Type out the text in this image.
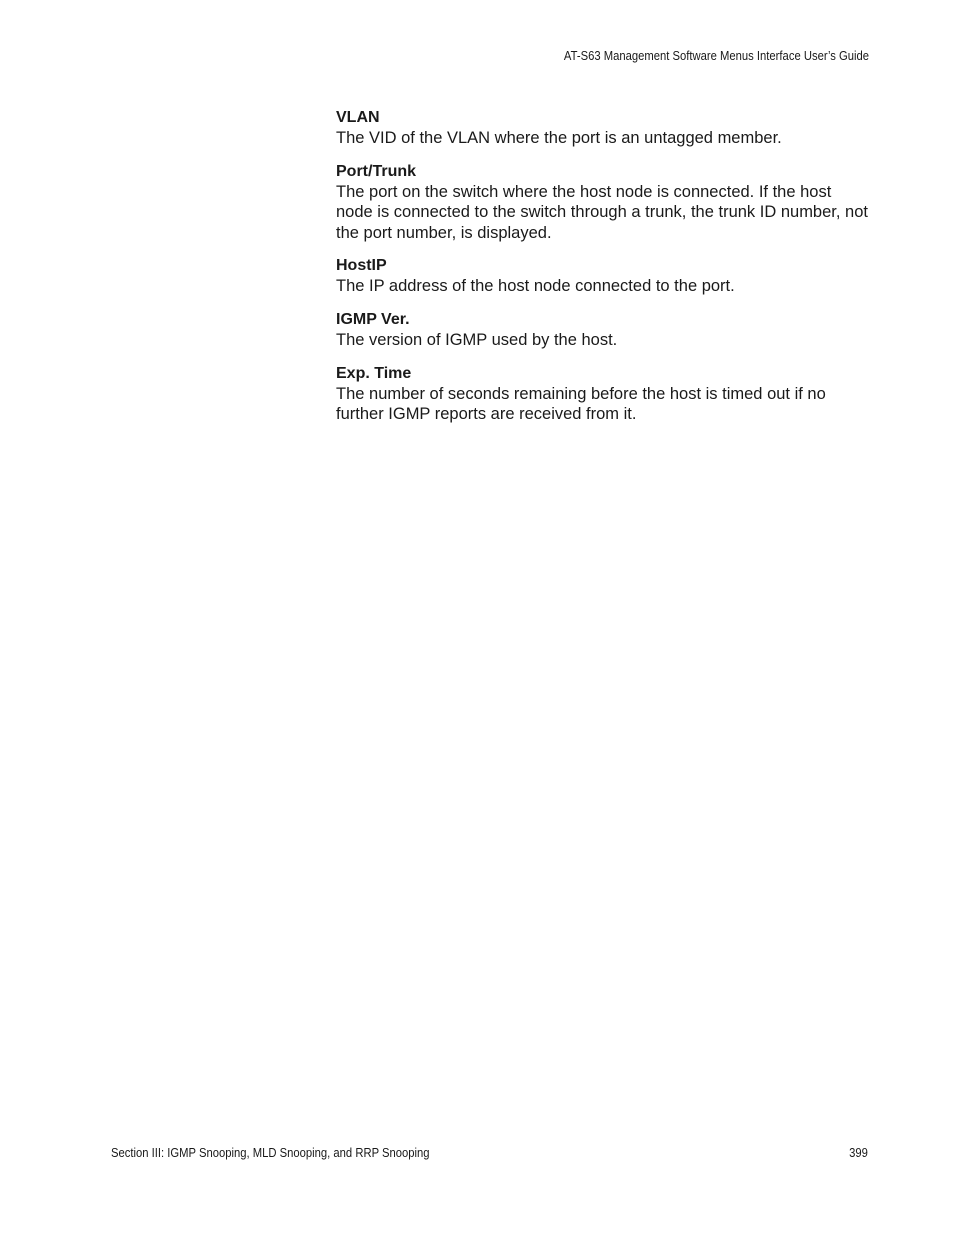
AT-S63 Management Software Menus Interface User’s Guide
VLAN
The VID of the VLAN where the port is an untagged member.
Port/Trunk
The port on the switch where the host node is connected. If the host node is connected to the switch through a trunk, the trunk ID number, not the port number, is displayed.
HostIP
The IP address of the host node connected to the port.
IGMP Ver.
The version of IGMP used by the host.
Exp. Time
The number of seconds remaining before the host is timed out if no further IGMP reports are received from it.
Section III: IGMP Snooping, MLD Snooping, and RRP Snooping	399
